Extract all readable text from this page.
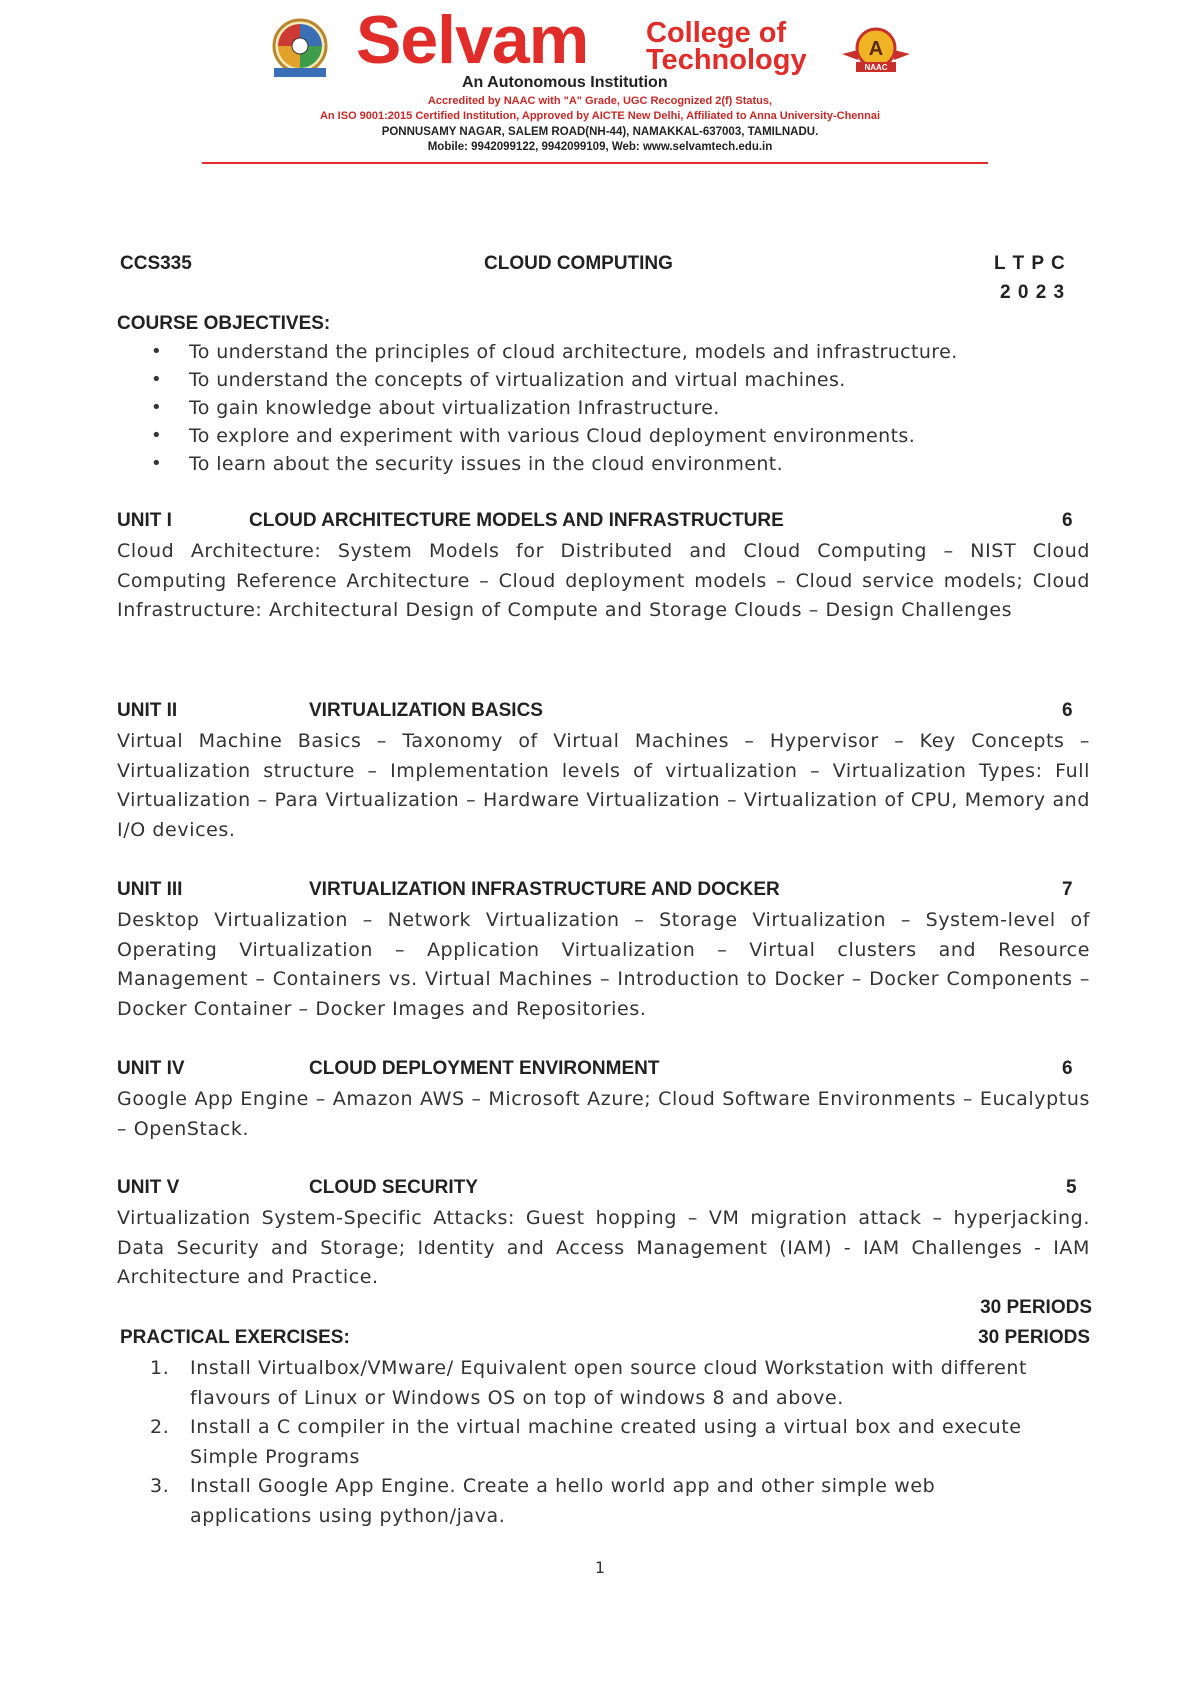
Selvam College of
Technology	A
NAAC
An Autonomous Institution
Accredited by NAAC with "A" Grade, UGC Recognized 2(f) Status,
An ISO 9001:2015 Certified Institution, Approved by AICTE New Delhi, Affiliated to Anna University-Chennai
PONNUSAMY NAGAR, SALEM ROAD(NH-44), NAMAKKAL-637003, TAMILNADU.
Mobile: 9942099122, 9942099109, Web: www.selvamtech.edu.in
CCS335	CLOUD COMPUTING	L T P C
2 0 2 3
COURSE OBJECTIVES:
• To understand the principles of cloud architecture, models and infrastructure.
• To understand the concepts of virtualization and virtual machines.
• To gain knowledge about virtualization Infrastructure.
• To explore and experiment with various Cloud deployment environments.
• To learn about the security issues in the cloud environment.
UNIT I	CLOUD ARCHITECTURE MODELS AND INFRASTRUCTURE	6
Cloud Architecture: System Models for Distributed and Cloud Computing – NIST Cloud Computing Reference Architecture – Cloud deployment models – Cloud service models; Cloud Infrastructure: Architectural Design of Compute and Storage Clouds – Design Challenges
UNIT II	VIRTUALIZATION BASICS	6
Virtual Machine Basics – Taxonomy of Virtual Machines – Hypervisor – Key Concepts – Virtualization structure – Implementation levels of virtualization – Virtualization Types: Full Virtualization – Para Virtualization – Hardware Virtualization – Virtualization of CPU, Memory and I/O devices.
UNIT III	VIRTUALIZATION INFRASTRUCTURE AND DOCKER	7
Desktop Virtualization – Network Virtualization – Storage Virtualization – System-level of Operating Virtualization – Application Virtualization – Virtual clusters and Resource Management – Containers vs. Virtual Machines – Introduction to Docker – Docker Components – Docker Container – Docker Images and Repositories.
UNIT IV	CLOUD DEPLOYMENT ENVIRONMENT	6
Google App Engine – Amazon AWS – Microsoft Azure; Cloud Software Environments – Eucalyptus – OpenStack.
UNIT V	CLOUD SECURITY	5
Virtualization System-Specific Attacks: Guest hopping – VM migration attack – hyperjacking. Data Security and Storage; Identity and Access Management (IAM) - IAM Challenges - IAM Architecture and Practice.
30 PERIODS
PRACTICAL EXERCISES:	30 PERIODS
1. Install Virtualbox/VMware/ Equivalent open source cloud Workstation with different flavours of Linux or Windows OS on top of windows 8 and above.
2. Install a C compiler in the virtual machine created using a virtual box and execute Simple Programs
3. Install Google App Engine. Create a hello world app and other simple web applications using python/java.
1
